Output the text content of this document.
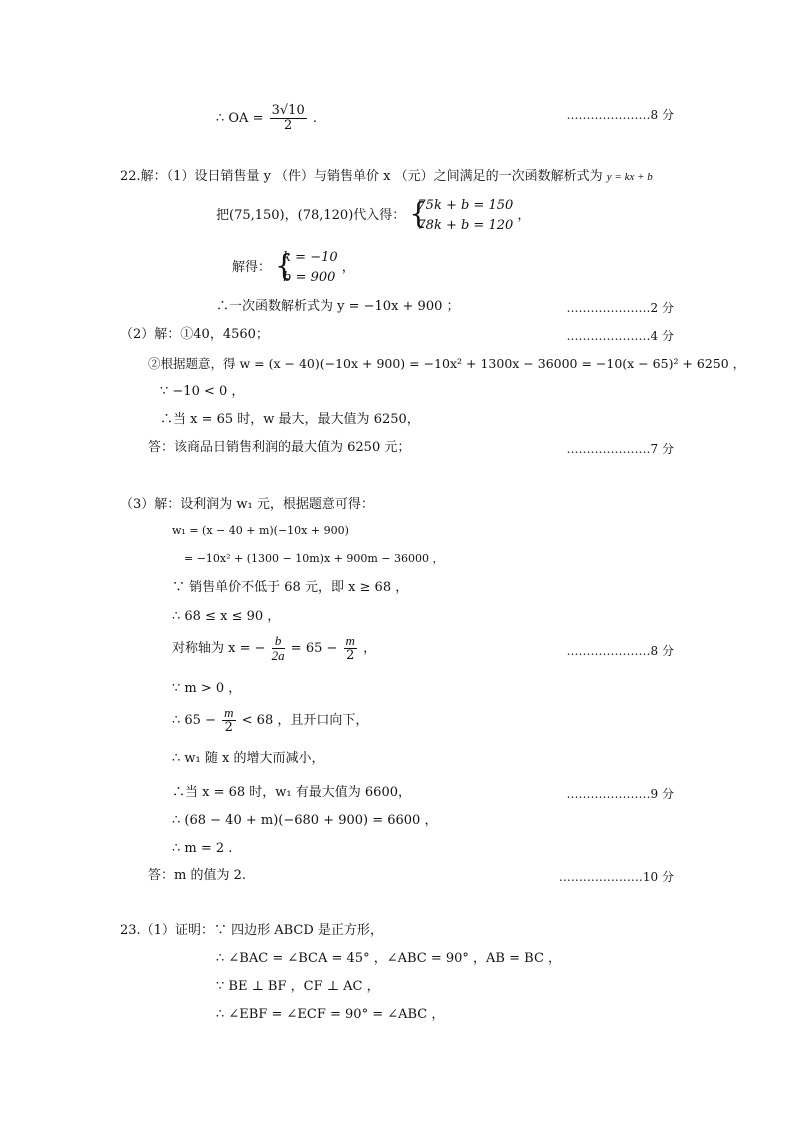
∴ OA = $\frac{3√10}{2}$ .	…………………8 分
22.解：（1）设日销售量 y （件）与销售单价 x （元）之间满足的一次函数解析式为 y = kx + b
把(75,150)，(78,120)代入得： {
75k + b = 150
78k + b = 120
，
解得： {
k = −10
b = 900
，
∴一次函数解析式为 y = −10x + 900 ；	…………………2 分
（2）解：①40，4560；	…………………4 分
②根据题意，得 w = (x − 40)(−10x + 900) = −10x² + 1300x − 36000 = −10(x − 65)² + 6250 ，
∵ −10 < 0 ，
∴当 x = 65 时，w 最大，最大值为 6250，
答：该商品日销售利润的最大值为 6250 元；	…………………7 分
（3）解：设利润为 w₁ 元，根据题意可得：
w₁ = (x − 40 + m)(−10x + 900)
= −10x² + (1300 − 10m)x + 900m − 36000 ，
∵ 销售单价不低于 68 元，即 x ≥ 68 ，
∴ 68 ≤ x ≤ 90 ，
对称轴为 x = − $\frac{b}{2a} = 65 - \frac{m}{2}$ ，	…………………8 分
∵ m > 0 ，
∴ $65 - \frac{m}{2} < 68$ ，且开口向下，
∴ w₁ 随 x 的增大而减小，
∴当 x = 68 时，w₁ 有最大值为 6600，	…………………9 分
∴ (68 − 40 + m)(−680 + 900) = 6600 ，
∴ m = 2 .
答：m 的值为 2.	…………………10 分
23.（1）证明：∵ 四边形 ABCD 是正方形，
∴ ∠BAC = ∠BCA = 45° ，∠ABC = 90° ，AB = BC ，
∵ BE ⊥ BF ，CF ⊥ AC ，
∴ ∠EBF = ∠ECF = 90° = ∠ABC ，
